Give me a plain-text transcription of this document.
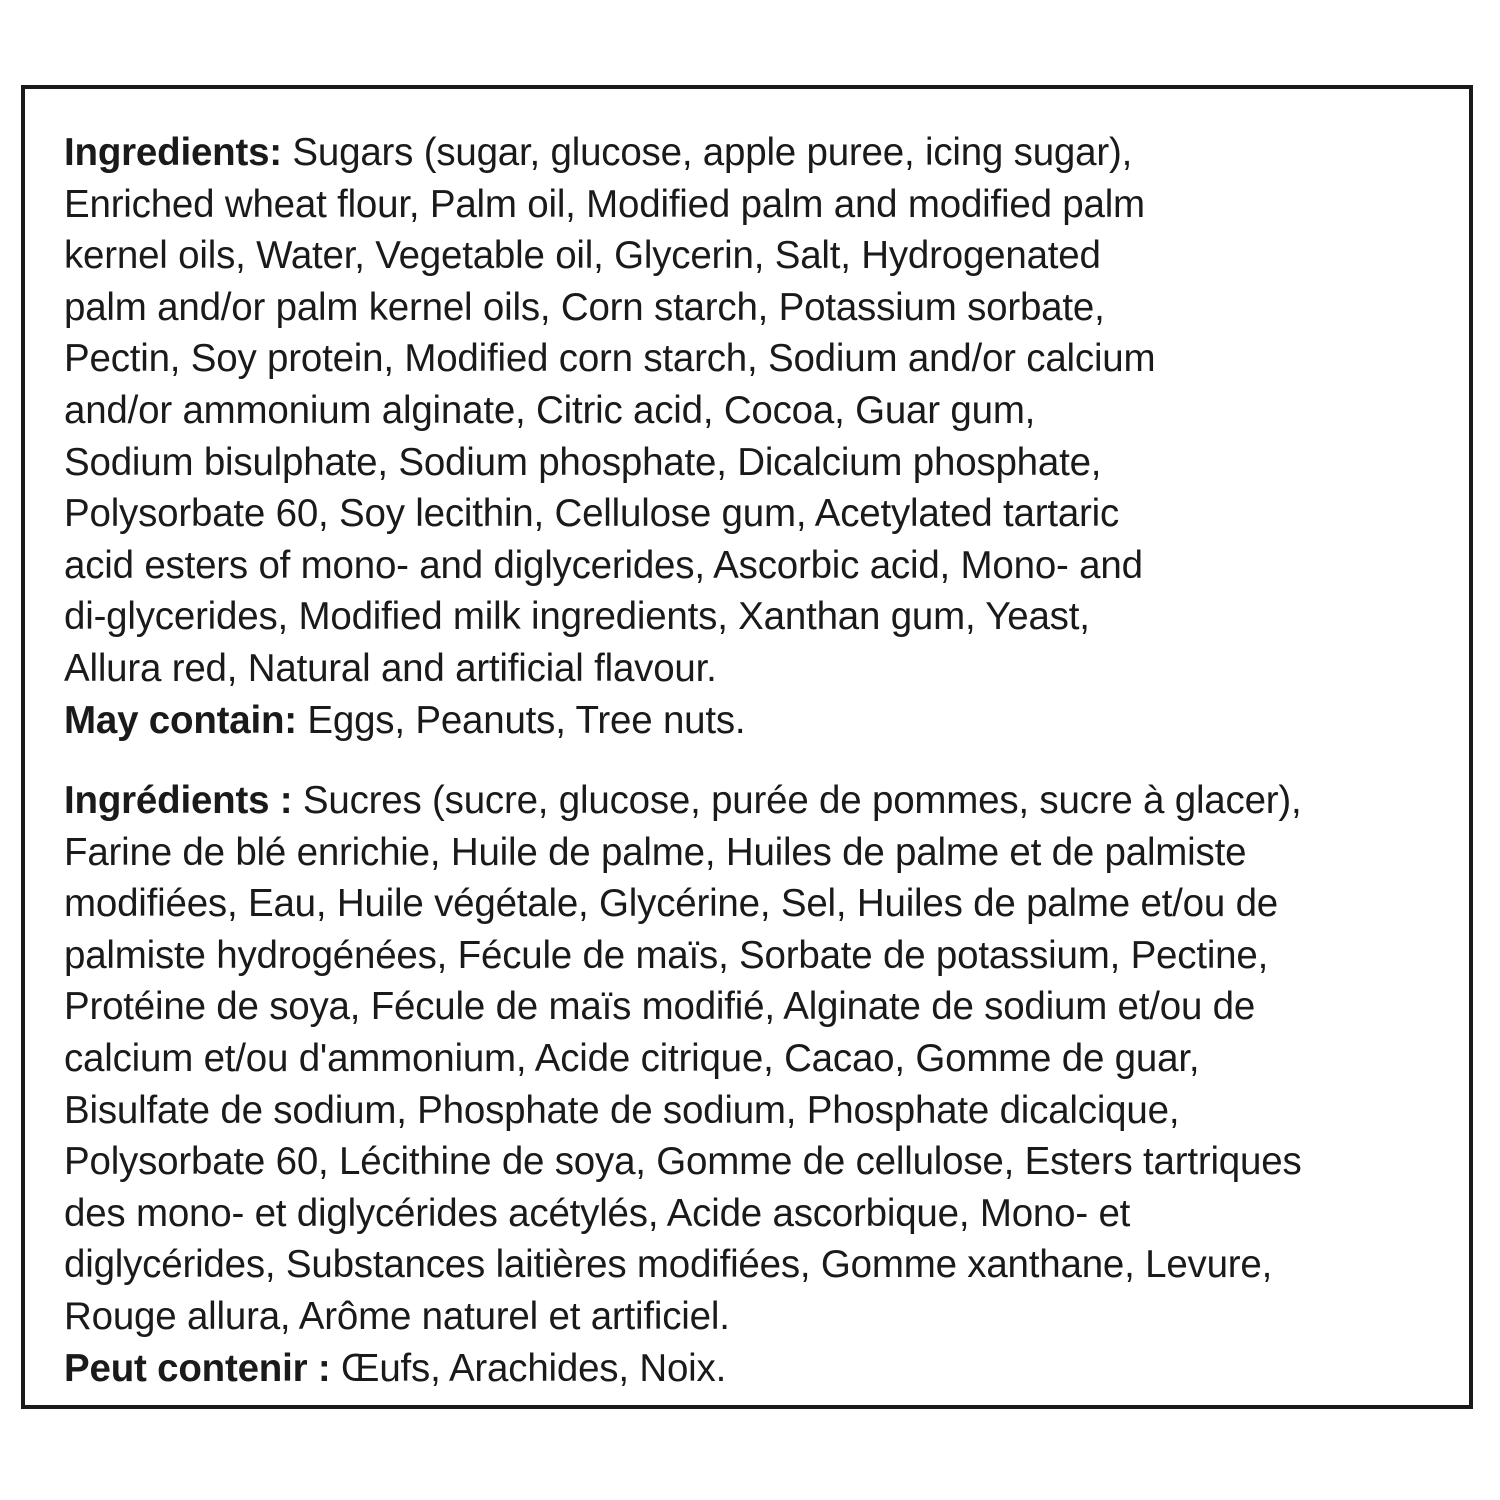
Ingredients: Sugars (sugar, glucose, apple puree, icing sugar),
Enriched wheat flour, Palm oil, Modified palm and modified palm
kernel oils, Water, Vegetable oil, Glycerin, Salt, Hydrogenated
palm and/or palm kernel oils, Corn starch, Potassium sorbate,
Pectin, Soy protein, Modified corn starch, Sodium and/or calcium
and/or ammonium alginate, Citric acid, Cocoa, Guar gum,
Sodium bisulphate, Sodium phosphate, Dicalcium phosphate,
Polysorbate 60, Soy lecithin, Cellulose gum, Acetylated tartaric
acid esters of mono- and diglycerides, Ascorbic acid, Mono- and
di-glycerides, Modified milk ingredients, Xanthan gum, Yeast,
Allura red, Natural and artificial flavour.
May contain: Eggs, Peanuts, Tree nuts.
Ingrédients : Sucres (sucre, glucose, purée de pommes, sucre à glacer),
Farine de blé enrichie, Huile de palme, Huiles de palme et de palmiste
modifiées, Eau, Huile végétale, Glycérine, Sel, Huiles de palme et/ou de
palmiste hydrogénées, Fécule de maïs, Sorbate de potassium, Pectine,
Protéine de soya, Fécule de maïs modifié, Alginate de sodium et/ou de
calcium et/ou d'ammonium, Acide citrique, Cacao, Gomme de guar,
Bisulfate de sodium, Phosphate de sodium, Phosphate dicalcique,
Polysorbate 60, Lécithine de soya, Gomme de cellulose, Esters tartriques
des mono- et diglycérides acétylés, Acide ascorbique, Mono- et
diglycérides, Substances laitières modifiées, Gomme xanthane, Levure,
Rouge allura, Arôme naturel et artificiel.
Peut contenir : Œufs, Arachides, Noix.
